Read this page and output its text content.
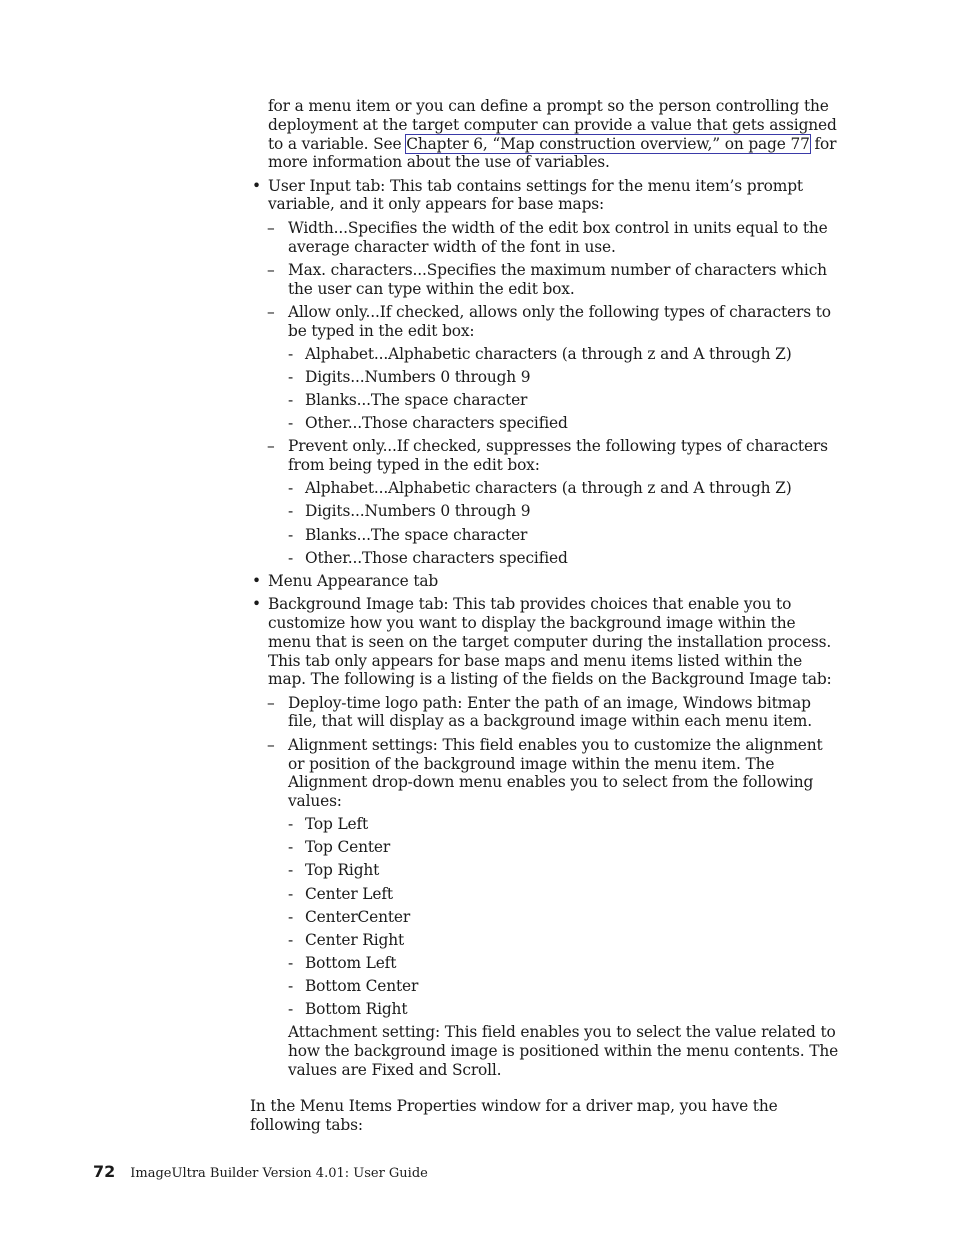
for a menu item or you can define a prompt so the person controlling the deployment at the target computer can provide a value that gets assigned to a variable. See Chapter 6, “Map construction overview,” on page 77 for more information about the use of variables.

• User Input tab: This tab contains settings for the menu item’s prompt variable, and it only appears for base maps:
– Width...Specifies the width of the edit box control in units equal to the average character width of the font in use.
– Max. characters...Specifies the maximum number of characters which the user can type within the edit box.
– Allow only...If checked, allows only the following types of characters to be typed in the edit box:
- Alphabet...Alphabetic characters (a through z and A through Z)
- Digits...Numbers 0 through 9
- Blanks...The space character
- Other...Those characters specified
– Prevent only...If checked, suppresses the following types of characters from being typed in the edit box:
- Alphabet...Alphabetic characters (a through z and A through Z)
- Digits...Numbers 0 through 9
- Blanks...The space character
- Other...Those characters specified
• Menu Appearance tab
• Background Image tab: This tab provides choices that enable you to customize how you want to display the background image within the menu that is seen on the target computer during the installation process. This tab only appears for base maps and menu items listed within the map. The following is a listing of the fields on the Background Image tab:
– Deploy-time logo path: Enter the path of an image, Windows bitmap file, that will display as a background image within each menu item.
– Alignment settings: This field enables you to customize the alignment or position of the background image within the menu item. The Alignment drop-down menu enables you to select from the following values:
- Top Left
- Top Center
- Top Right
- Center Left
- CenterCenter
- Center Right
- Bottom Left
- Bottom Center
- Bottom Right

Attachment setting: This field enables you to select the value related to how the background image is positioned within the menu contents. The values are Fixed and Scroll.

In the Menu Items Properties window for a driver map, you have the following tabs:

72 ImageUltra Builder Version 4.01: User Guide
